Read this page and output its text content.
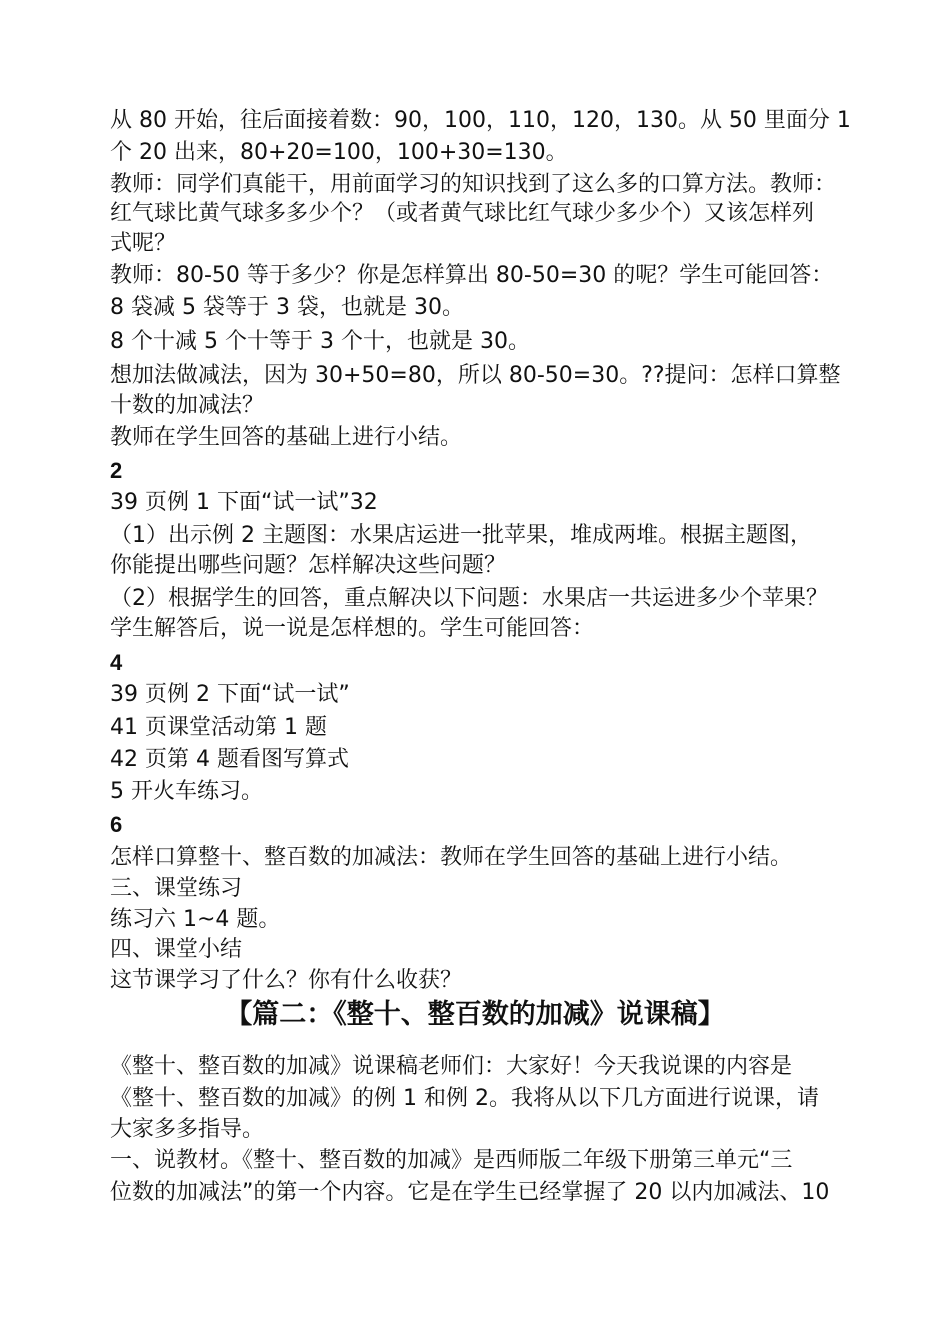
从 80 开始，往后面接着数：90，100，110，120，130。从 50 里面分 1
个 20 出来，80+20=100，100+30=130。
教师：同学们真能干，用前面学习的知识找到了这么多的口算方法。教师：
红气球比黄气球多多少个？（或者黄气球比红气球少多少个）又该怎样列
式呢？
教师：80-50 等于多少？你是怎样算出 80-50=30 的呢？学生可能回答：
8 袋减 5 袋等于 3 袋，也就是 30。
8 个十减 5 个十等于 3 个十，也就是 30。
想加法做减法，因为 30+50=80，所以 80-50=30。??提问：怎样口算整
十数的加减法？
教师在学生回答的基础上进行小结。
2
39 页例 1 下面“试一试”32
（1）出示例 2 主题图：水果店运进一批苹果，堆成两堆。根据主题图，
你能提出哪些问题？怎样解决这些问题？
（2）根据学生的回答，重点解决以下问题：水果店一共运进多少个苹果？
学生解答后，说一说是怎样想的。学生可能回答：
4
39 页例 2 下面“试一试”
41 页课堂活动第 1 题
42 页第 4 题看图写算式
5 开火车练习。
6
怎样口算整十、整百数的加减法：教师在学生回答的基础上进行小结。
三、课堂练习
练习六 1~4 题。
四、课堂小结
这节课学习了什么？你有什么收获？
【篇二：《整十、整百数的加减》说课稿】
《整十、整百数的加减》说课稿老师们：大家好！今天我说课的内容是
《整十、整百数的加减》的例 1 和例 2。我将从以下几方面进行说课，请
大家多多指导。
一、说教材。《整十、整百数的加减》是西师版二年级下册第三单元“三
位数的加减法”的第一个内容。它是在学生已经掌握了 20 以内加减法、10
